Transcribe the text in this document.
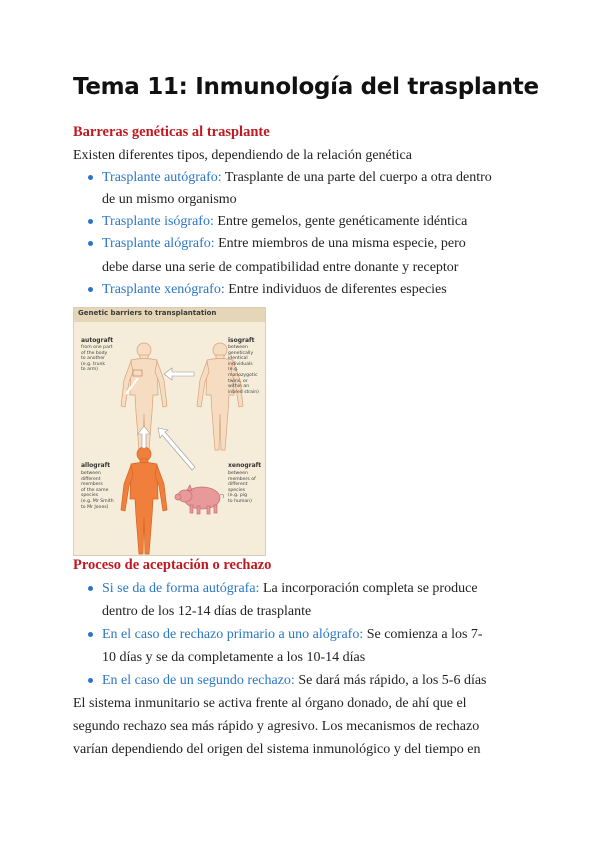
Tema 11: Inmunología del trasplante
Barreras genéticas al trasplante
Existen diferentes tipos, dependiendo de la relación genética
Trasplante autógrafo: Trasplante de una parte del cuerpo a otra dentro
de un mismo organismo
Trasplante isógrafo: Entre gemelos, gente genéticamente idéntica
Trasplante alógrafo: Entre miembros de una misma especie, pero
debe darse una serie de compatibilidad entre donante y receptor
Trasplante xenógrafo: Entre individuos de diferentes especies
Genetic barriers to transplantation
autograft
from one part
of the body
to another
(e.g. trunk
to arm)
isograft
between
genetically
identical
individuals
(e.g.
monozygotic
twins, or
within an
inbred strain)
allograft
between
different
members
of the same
species
(e.g. Mr Smith
to Mr Jones)
xenograft
between
members of
different
species
(e.g. pig
to human)
Proceso de aceptación o rechazo
Si se da de forma autógrafa: La incorporación completa se produce
dentro de los 12-14 días de trasplante
En el caso de rechazo primario a uno alógrafo: Se comienza a los 7-
10 días y se da completamente a los 10-14 días
En el caso de un segundo rechazo: Se dará más rápido, a los 5-6 días
El sistema inmunitario se activa frente al órgano donado, de ahí que el
segundo rechazo sea más rápido y agresivo. Los mecanismos de rechazo
varían dependiendo del origen del sistema inmunológico y del tiempo en
